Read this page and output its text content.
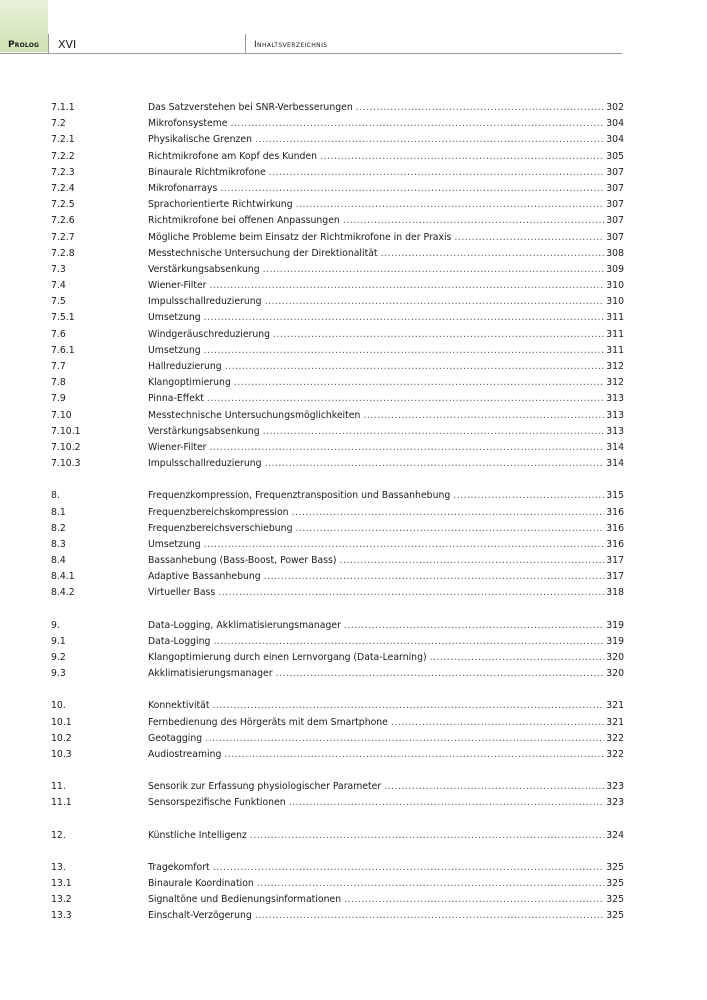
Prolog XVI	Inhaltsverzeichnis
7.1.1	Das Satzverstehen bei SNR-Verbesserungen .....	302
7.2	Mikrofonsysteme .....	304
7.2.1	Physikalische Grenzen .....	304
7.2.2	Richtmikrofone am Kopf des Kunden .....	305
7.2.3	Binaurale Richtmikrofone .....	307
7.2.4	Mikrofonarrays .....	307
7.2.5	Sprachorientierte Richtwirkung .....	307
7.2.6	Richtmikrofone bei offenen Anpassungen .....	307
7.2.7	Mögliche Probleme beim Einsatz der Richtmikrofone in der Praxis .....	307
7.2.8	Messtechnische Untersuchung der Direktionalität .....	308
7.3	Verstärkungsabsenkung .....	309
7.4	Wiener-Filter .....	310
7.5	Impulsschallreduzierung .....	310
7.5.1	Umsetzung .....	311
7.6	Windgeräuschreduzierung .....	311
7.6.1	Umsetzung .....	311
7.7	Hallreduzierung .....	312
7.8	Klangoptimierung .....	312
7.9	Pinna-Effekt .....	313
7.10	Messtechnische Untersuchungsmöglichkeiten .....	313
7.10.1	Verstärkungsabsenkung .....	313
7.10.2	Wiener-Filter .....	314
7.10.3	Impulsschallreduzierung .....	314
8.	Frequenzkompression, Frequenztransposition und Bassanhebung .....	315
8.1	Frequenzbereichskompression .....	316
8.2	Frequenzbereichsverschiebung .....	316
8.3	Umsetzung .....	316
8.4	Bassanhebung (Bass-Boost, Power Bass) .....	317
8.4.1	Adaptive Bassanhebung .....	317
8.4.2	Virtueller Bass .....	318
9.	Data-Logging, Akklimatisierungsmanager .....	319
9.1	Data-Logging .....	319
9.2	Klangoptimierung durch einen Lernvorgang (Data-Learning) .....	320
9.3	Akklimatisierungsmanager .....	320
10.	Konnektivität .....	321
10.1	Fernbedienung des Hörgeräts mit dem Smartphone .....	321
10.2	Geotagging .....	322
10.3	Audiostreaming .....	322
11.	Sensorik zur Erfassung physiologischer Parameter .....	323
11.1	Sensorspezifische Funktionen .....	323
12.	Künstliche Intelligenz .....	324
13.	Tragekomfort .....	325
13.1	Binaurale Koordination .....	325
13.2	Signaltöne und Bedienungsinformationen .....	325
13.3	Einschalt-Verzögerung .....	325
